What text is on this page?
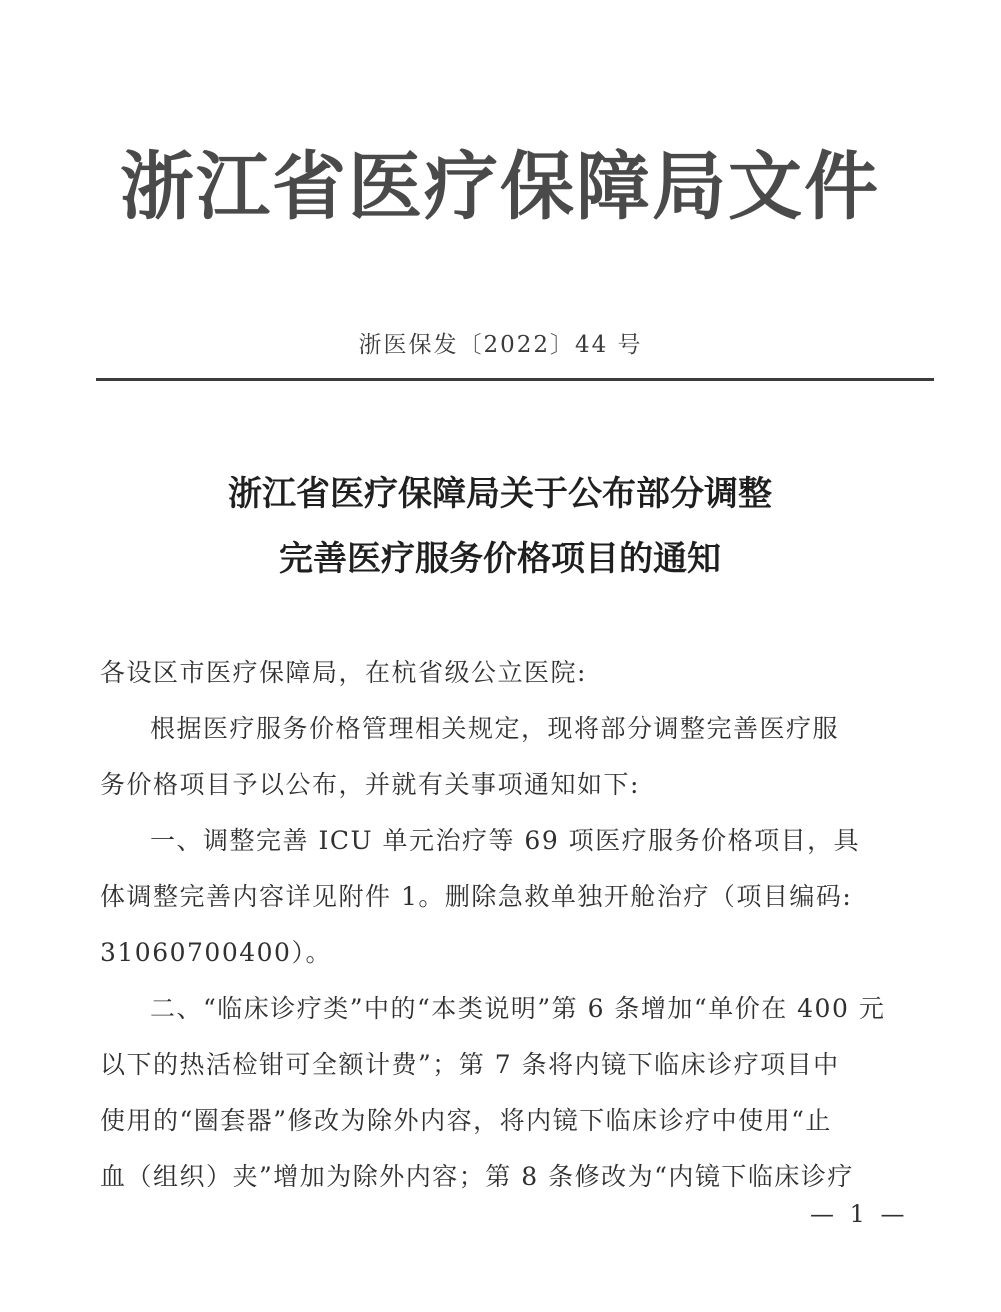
浙江省医疗保障局文件
浙医保发〔2022〕44 号
浙江省医疗保障局关于公布部分调整
完善医疗服务价格项目的通知
各设区市医疗保障局，在杭省级公立医院:
根据医疗服务价格管理相关规定，现将部分调整完善医疗服
务价格项目予以公布，并就有关事项通知如下:
一、调整完善 ICU 单元治疗等 69 项医疗服务价格项目，具
体调整完善内容详见附件 1。删除急救单独开舱治疗（项目编码:
31060700400）。
二、“临床诊疗类”中的“本类说明”第 6 条增加“单价在 400 元
以下的热活检钳可全额计费”；第 7 条将内镜下临床诊疗项目中
使用的“圈套器”修改为除外内容，将内镜下临床诊疗中使用“止
血（组织）夹”增加为除外内容；第 8 条修改为“内镜下临床诊疗
— 1 —
